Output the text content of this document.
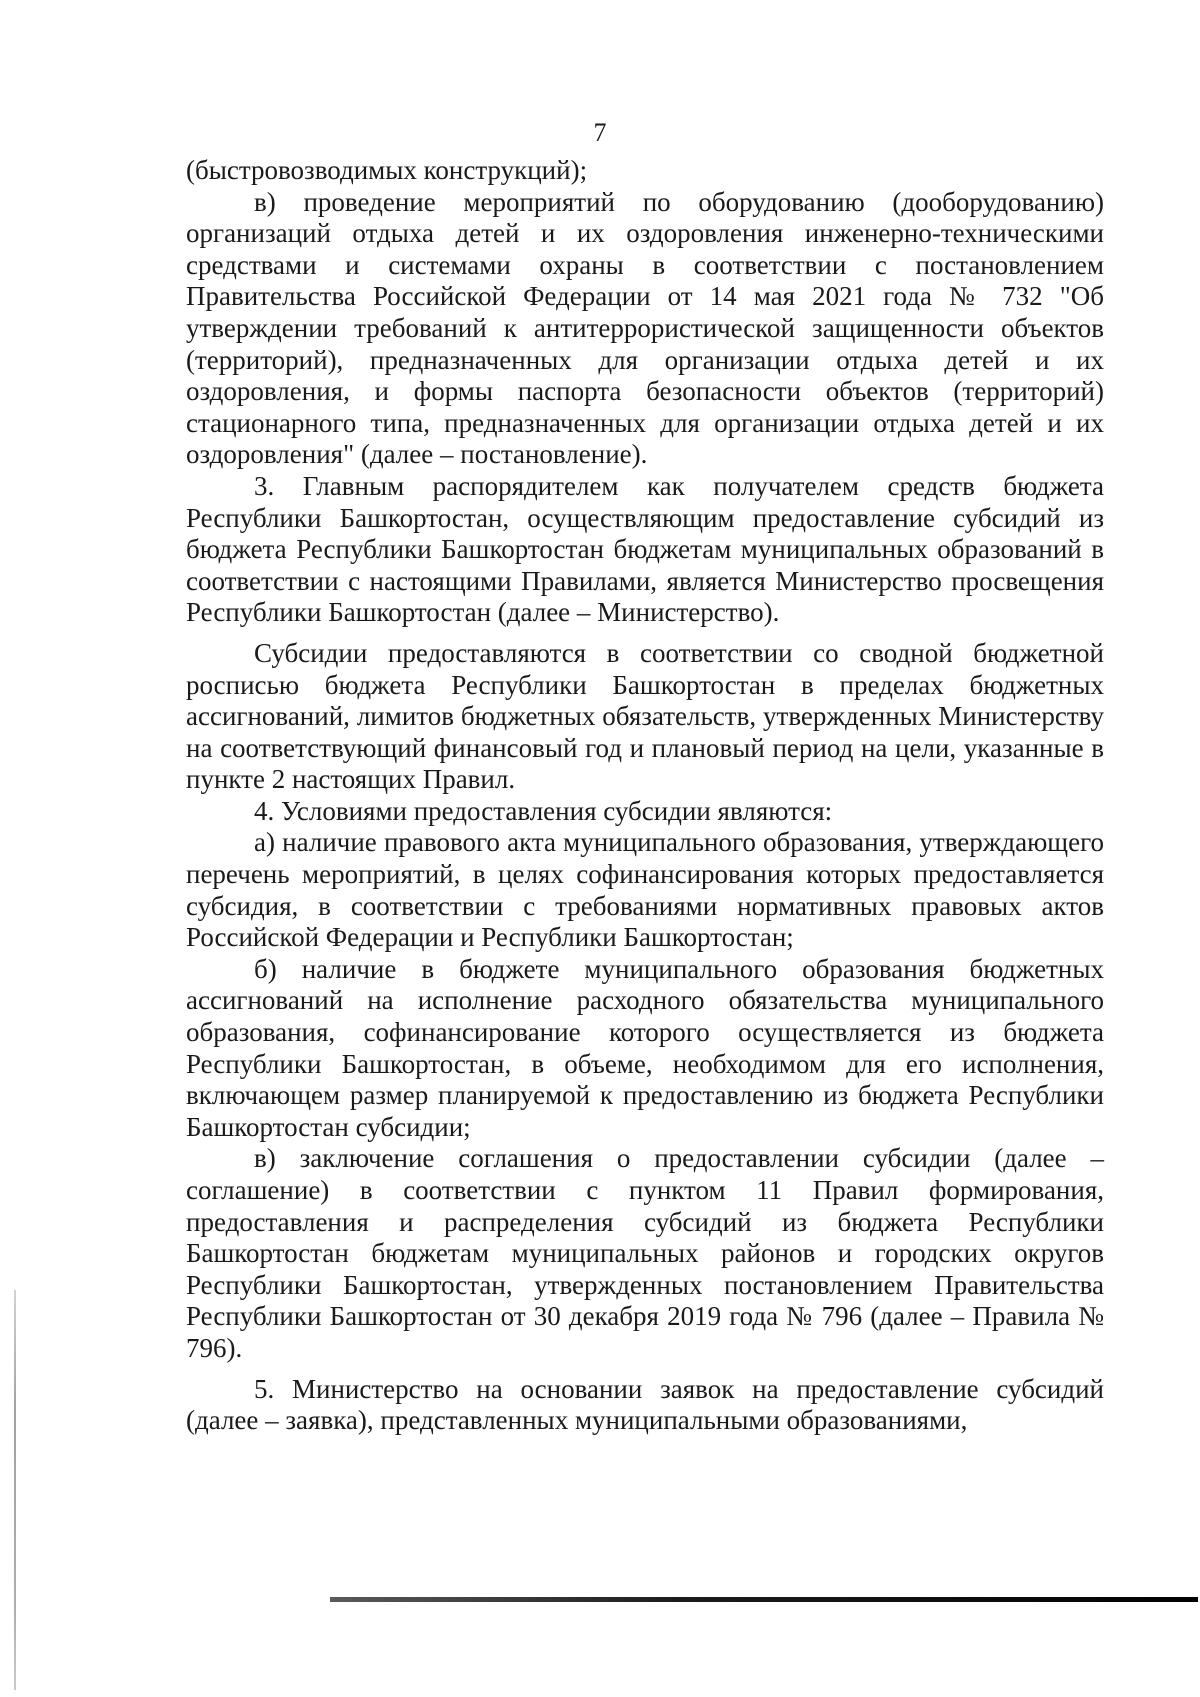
7

(быстровозводимых конструкций);

в) проведение мероприятий по оборудованию (дооборудованию) организаций отдыха детей и их оздоровления инженерно-техническими средствами и системами охраны в соответствии с постановлением Правительства Российской Федерации от 14 мая 2021 года № 732 "Об утверждении требований к антитеррористической защищенности объектов (территорий), предназначенных для организации отдыха детей и их оздоровления, и формы паспорта безопасности объектов (территорий) стационарного типа, предназначенных для организации отдыха детей и их оздоровления" (далее – постановление).

3. Главным распорядителем как получателем средств бюджета Республики Башкортостан, осуществляющим предоставление субсидий из бюджета Республики Башкортостан бюджетам муниципальных образований в соответствии с настоящими Правилами, является Министерство просвещения Республики Башкортостан (далее – Министерство).

Субсидии предоставляются в соответствии со сводной бюджетной росписью бюджета Республики Башкортостан в пределах бюджетных ассигнований, лимитов бюджетных обязательств, утвержденных Министерству на соответствующий финансовый год и плановый период на цели, указанные в пункте 2 настоящих Правил.

4. Условиями предоставления субсидии являются:

а) наличие правового акта муниципального образования, утверждающего перечень мероприятий, в целях софинансирования которых предоставляется субсидия, в соответствии с требованиями нормативных правовых актов Российской Федерации и Республики Башкортостан;

б) наличие в бюджете муниципального образования бюджетных ассигнований на исполнение расходного обязательства муниципального образования, софинансирование которого осуществляется из бюджета Республики Башкортостан, в объеме, необходимом для его исполнения, включающем размер планируемой к предоставлению из бюджета Республики Башкортостан субсидии;

в) заключение соглашения о предоставлении субсидии (далее – соглашение) в соответствии с пунктом 11 Правил формирования, предоставления и распределения субсидий из бюджета Республики Башкортостан бюджетам муниципальных районов и городских округов Республики Башкортостан, утвержденных постановлением Правительства Республики Башкортостан от 30 декабря 2019 года № 796 (далее – Правила № 796).

5. Министерство на основании заявок на предоставление субсидий (далее – заявка), представленных муниципальными образованиями,
